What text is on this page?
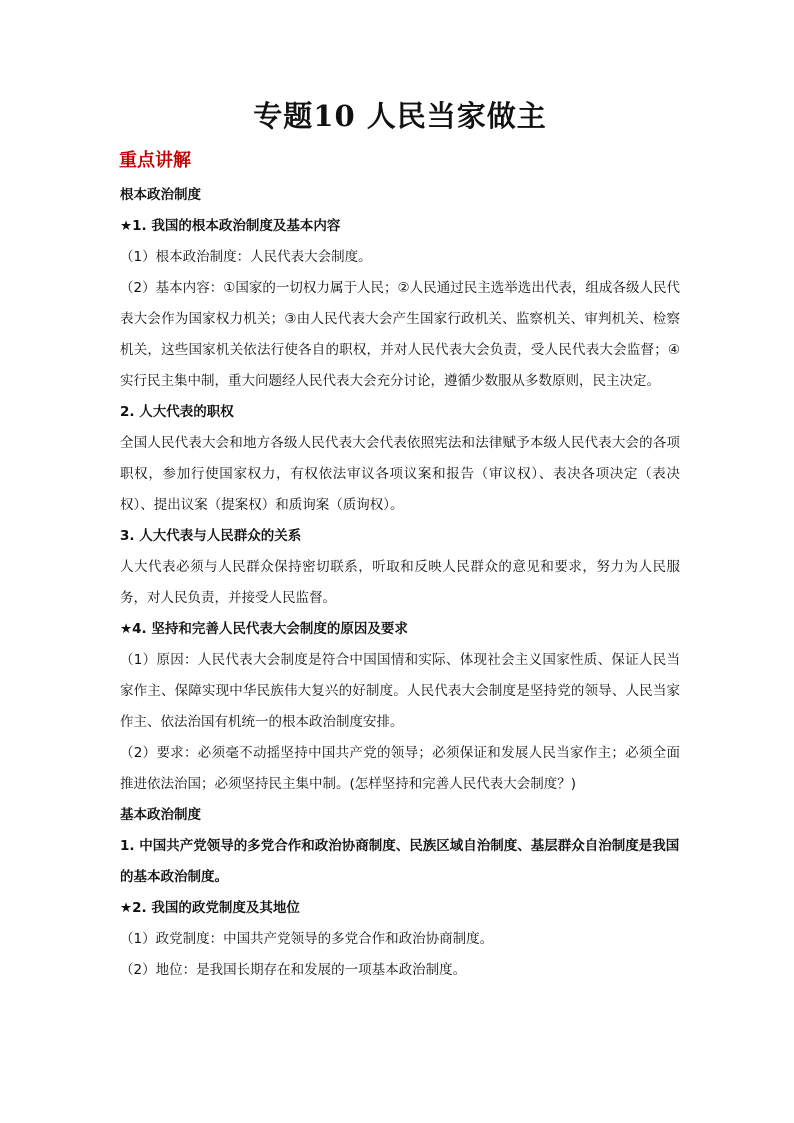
专题10 人民当家做主
重点讲解

根本政治制度

★1. 我国的根本政治制度及基本内容

（1）根本政治制度：人民代表大会制度。

（2）基本内容：①国家的一切权力属于人民；②人民通过民主选举选出代表，组成各级人民代表大会作为国家权力机关；③由人民代表大会产生国家行政机关、监察机关、审判机关、检察机关，这些国家机关依法行使各自的职权，并对人民代表大会负责，受人民代表大会监督；④实行民主集中制，重大问题经人民代表大会充分讨论，遵循少数服从多数原则，民主决定。

2. 人大代表的职权

全国人民代表大会和地方各级人民代表大会代表依照宪法和法律赋予本级人民代表大会的各项职权，参加行使国家权力，有权依法审议各项议案和报告（审议权）、表决各项决定（表决权）、提出议案（提案权）和质询案（质询权）。

3. 人大代表与人民群众的关系

人大代表必须与人民群众保持密切联系，听取和反映人民群众的意见和要求，努力为人民服务，对人民负责，并接受人民监督。

★4. 坚持和完善人民代表大会制度的原因及要求

（1）原因：人民代表大会制度是符合中国国情和实际、体现社会主义国家性质、保证人民当家作主、保障实现中华民族伟大复兴的好制度。人民代表大会制度是坚持党的领导、人民当家作主、依法治国有机统一的根本政治制度安排。

（2）要求：必须毫不动摇坚持中国共产党的领导；必须保证和发展人民当家作主；必须全面推进依法治国；必须坚持民主集中制。(怎样坚持和完善人民代表大会制度？)

基本政治制度

1. 中国共产党领导的多党合作和政治协商制度、民族区域自治制度、基层群众自治制度是我国的基本政治制度。

★2. 我国的政党制度及其地位

（1）政党制度：中国共产党领导的多党合作和政治协商制度。

（2）地位：是我国长期存在和发展的一项基本政治制度。
